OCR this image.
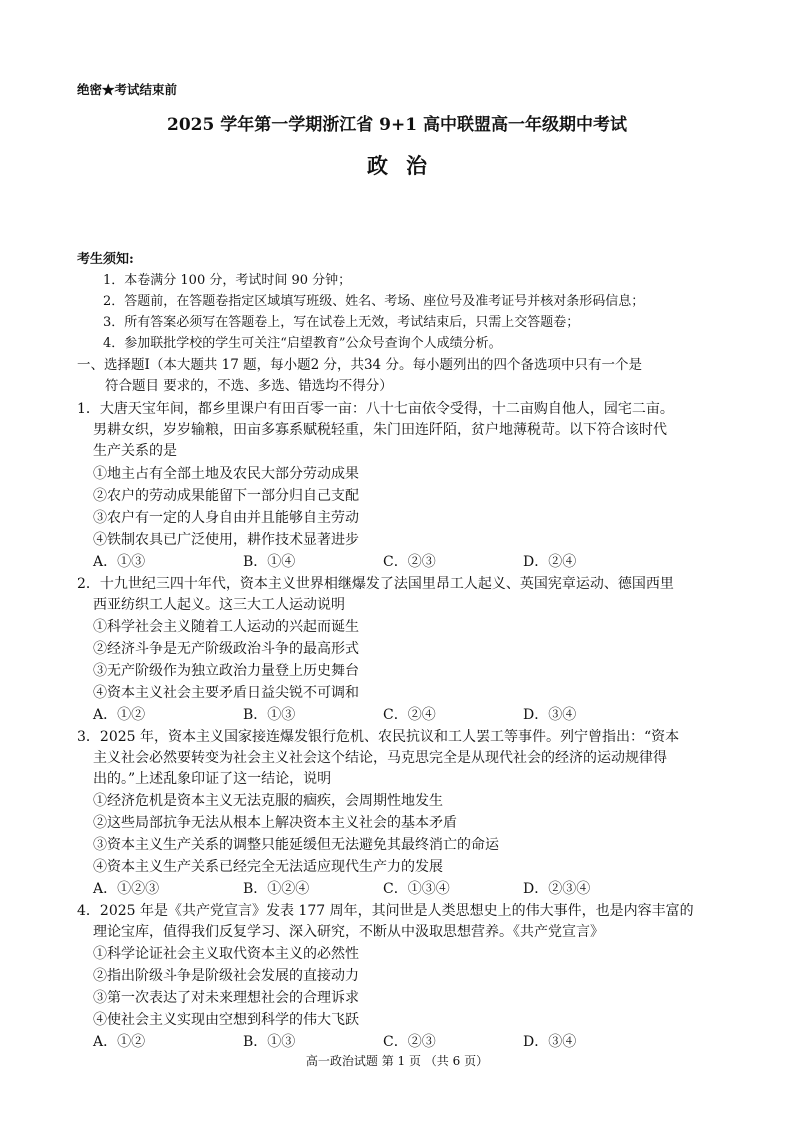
绝密★考试结束前
2025 学年第一学期浙江省 9+1 高中联盟高一年级期中考试
政治
考生须知:
1．本卷满分 100 分，考试时间 90 分钟；
2．答题前，在答题卷指定区域填写班级、姓名、考场、座位号及准考证号并核对条形码信息；
3．所有答案必须写在答题卷上，写在试卷上无效，考试结束后，只需上交答题卷；
4．参加联批学校的学生可关注“启望教育”公众号查询个人成绩分析。
一、选择题Ⅰ（本大题共 17 题，每小题2 分，共34 分。每小题列出的四个备选项中只有一个是
符合题目 要求的，不选、多选、错选均不得分）
1．大唐天宝年间，都乡里课户有田百零一亩：八十七亩依令受得，十二亩购自他人，园宅二亩。
男耕女织，岁岁输粮，田亩多寡系赋税轻重，朱门田连阡陌，贫户地薄税苛。以下符合该时代
生产关系的是
①地主占有全部土地及农民大部分劳动成果
②农户的劳动成果能留下一部分归自己支配
③农户有一定的人身自由并且能够自主劳动
④铁制农具已广泛使用，耕作技术显著进步
A．①③	B．①④	C．②③	D．②④
2．十九世纪三四十年代，资本主义世界相继爆发了法国里昂工人起义、英国宪章运动、德国西里
西亚纺织工人起义。这三大工人运动说明
①科学社会主义随着工人运动的兴起而诞生
②经济斗争是无产阶级政治斗争的最高形式
③无产阶级作为独立政治力量登上历史舞台
④资本主义社会主要矛盾日益尖锐不可调和
A．①②	B．①③	C．②④	D．③④
3．2025 年，资本主义国家接连爆发银行危机、农民抗议和工人罢工等事件。列宁曾指出：“资本
主义社会必然要转变为社会主义社会这个结论，马克思完全是从现代社会的经济的运动规律得
出的。”上述乱象印证了这一结论，说明
①经济危机是资本主义无法克服的痼疾，会周期性地发生
②这些局部抗争无法从根本上解决资本主义社会的基本矛盾
③资本主义生产关系的调整只能延缓但无法避免其最终消亡的命运
④资本主义生产关系已经完全无法适应现代生产力的发展
A．①②③	B．①②④	C．①③④	D．②③④
4．2025 年是《共产党宣言》发表 177 周年，其问世是人类思想史上的伟大事件，也是内容丰富的
理论宝库，值得我们反复学习、深入研究，不断从中汲取思想营养。《共产党宣言》
①科学论证社会主义取代资本主义的必然性
②指出阶级斗争是阶级社会发展的直接动力
③第一次表达了对未来理想社会的合理诉求
④使社会主义实现由空想到科学的伟大飞跃
A．①②	B．①③	C．②③	D．③④
高一政治试题 第 1 页 （共 6 页）
